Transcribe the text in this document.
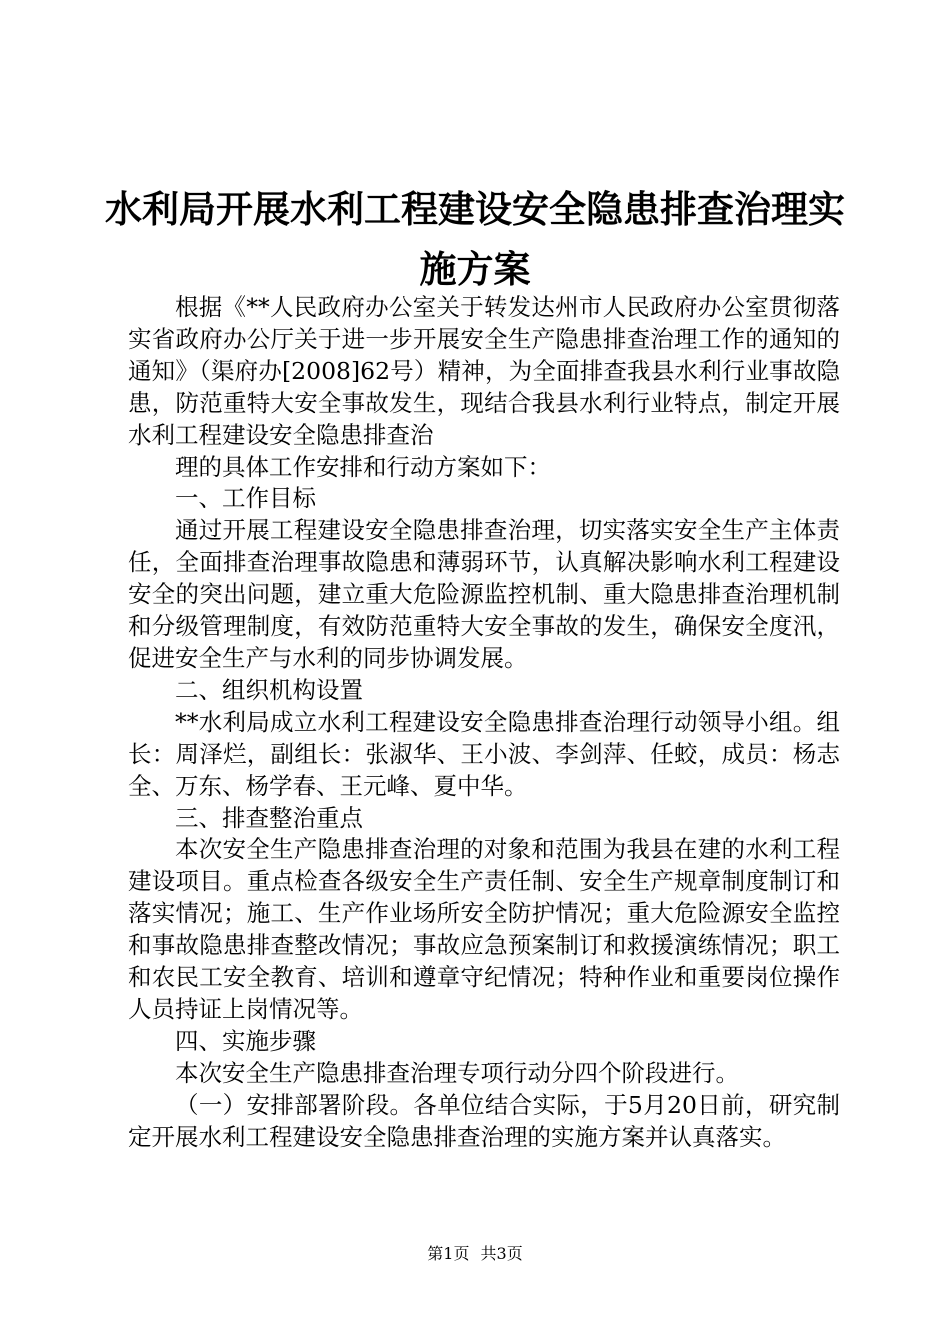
水利局开展水利工程建设安全隐患排查治理实
施方案

根据《**人民政府办公室关于转发达州市人民政府办公室贯彻落实省政府办公厅关于进一步开展安全生产隐患排查治理工作的通知的通知》（渠府办[2008]62号）精神，为全面排查我县水利行业事故隐患，防范重特大安全事故发生，现结合我县水利行业特点，制定开展水利工程建设安全隐患排查治

理的具体工作安排和行动方案如下：

一、工作目标

通过开展工程建设安全隐患排查治理，切实落实安全生产主体责任，全面排查治理事故隐患和薄弱环节，认真解决影响水利工程建设安全的突出问题，建立重大危险源监控机制、重大隐患排查治理机制和分级管理制度，有效防范重特大安全事故的发生，确保安全度汛，促进安全生产与水利的同步协调发展。

二、组织机构设置

**水利局成立水利工程建设安全隐患排查治理行动领导小组。组长：周泽烂，副组长：张淑华、王小波、李剑萍、任蛟，成员：杨志全、万东、杨学春、王元峰、夏中华。

三、排查整治重点

本次安全生产隐患排查治理的对象和范围为我县在建的水利工程建设项目。重点检查各级安全生产责任制、安全生产规章制度制订和落实情况；施工、生产作业场所安全防护情况；重大危险源安全监控和事故隐患排查整改情况；事故应急预案制订和救援演练情况；职工和农民工安全教育、培训和遵章守纪情况；特种作业和重要岗位操作人员持证上岗情况等。

四、实施步骤

本次安全生产隐患排查治理专项行动分四个阶段进行。

（一）安排部署阶段。各单位结合实际，于5月20日前，研究制定开展水利工程建设安全隐患排查治理的实施方案并认真落实。

第1页 共3页
